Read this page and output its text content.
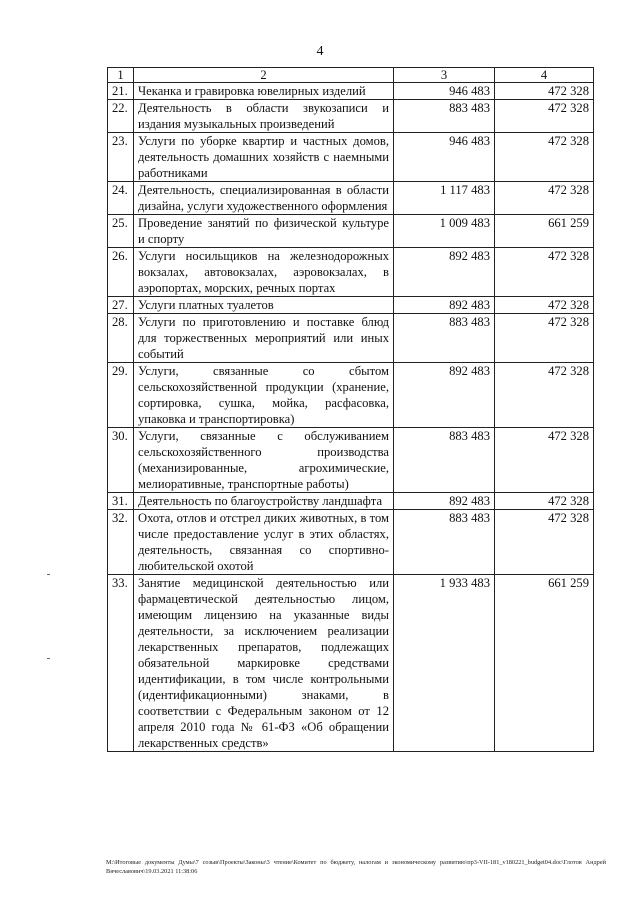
4
1	2	3	4
21.	Чеканка и гравировка ювелирных изделий	946 483	472 328
22.	Деятельность в области звукозаписи и издания музыкальных произведений	883 483	472 328
23.	Услуги по уборке квартир и частных домов, деятельность домашних хозяйств с наемными работниками	946 483	472 328
24.	Деятельность, специализированная в области дизайна, услуги художественного оформления	1 117 483	472 328
25.	Проведение занятий по физической культуре и спорту	1 009 483	661 259
26.	Услуги носильщиков на железнодорожных вокзалах, автовокзалах, аэровокзалах, в аэропортах, морских, речных портах	892 483	472 328
27.	Услуги платных туалетов	892 483	472 328
28.	Услуги по приготовлению и поставке блюд для торжественных мероприятий или иных событий	883 483	472 328
29.	Услуги, связанные со сбытом сельскохозяйственной продукции (хранение, сортировка, сушка, мойка, расфасовка, упаковка и транспортировка)	892 483	472 328
30.	Услуги, связанные с обслуживанием сельскохозяйственного производства (механизированные, агрохимические, мелиоративные, транспортные работы)	883 483	472 328
31.	Деятельность по благоустройству ландшафта	892 483	472 328
32.	Охота, отлов и отстрел диких животных, в том числе предоставление услуг в этих областях, деятельность, связанная со спортивно-любительской охотой	883 483	472 328
33.	Занятие медицинской деятельностью или фармацевтической деятельностью лицом, имеющим лицензию на указанные виды деятельности, за исключением реализации лекарственных препаратов, подлежащих обязательной маркировке средствами идентификации, в том числе контрольными (идентификационными) знаками, в соответствии с Федеральным законом от 12 апреля 2010 года № 61-ФЗ «Об обращении лекарственных средств»	1 933 483	661 259
М:\Итоговые документы Думы\7 созыв\Проекты\Законы\3 чтение\Комитет по бюджету, налогам и экономическому развитию\пр3-VII-181_v180221_budget04.doc\Глотов Андрей Вячеславович\19.03.2021 11:38:06
